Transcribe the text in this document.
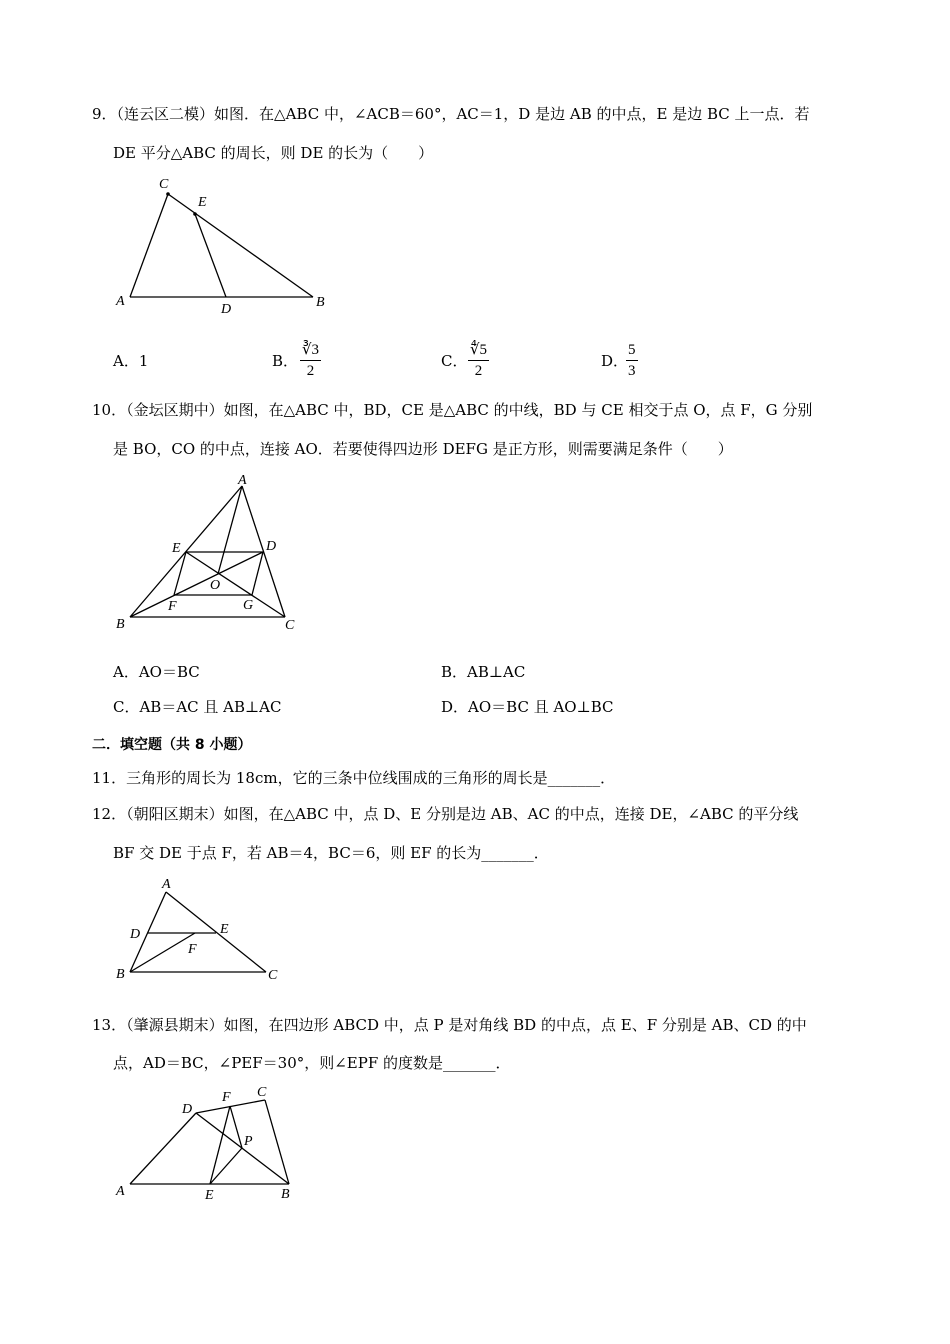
9．（连云区二模）如图．在△ABC 中，∠ACB＝60°，AC＝1，D 是边 AB 的中点，E 是边 BC 上一点．若
DE 平分△ABC 的周长，则 DE 的长为（　　）
A	B
C
D
E
A．1	B． $\frac{∛3}{2}$	C． $\frac{∜5}{2}$	D．
$\frac{5}{3}$
10．（金坛区期中）如图，在△ABC 中，BD，CE 是△ABC 的中线，BD 与 CE 相交于点 O，点 F，G 分别
是 BO，CO 的中点，连接 AO．若要使得四边形 DEFG 是正方形，则需要满足条件（　　）
A
B	C
D
E
F	G
O
A．AO＝BC	B．AB⊥AC
C．AB＝AC 且 AB⊥AC	D．AO＝BC 且 AO⊥BC
二．填空题（共 8 小题）
11．三角形的周长为 18cm，它的三条中位线围成的三角形的周长是_______．
12．（朝阳区期末）如图，在△ABC 中，点 D、E 分别是边 AB、AC 的中点，连接 DE，∠ABC 的平分线
BF 交 DE 于点 F，若 AB＝4，BC＝6，则 EF 的长为_______．
A
B	C
D	E
F
13．（肇源县期末）如图，在四边形 ABCD 中，点 P 是对角线 BD 的中点，点 E、F 分别是 AB、CD 的中
点，AD＝BC，∠PEF＝30°，则∠EPF 的度数是_______．
A	B
C
D
E
F
P
